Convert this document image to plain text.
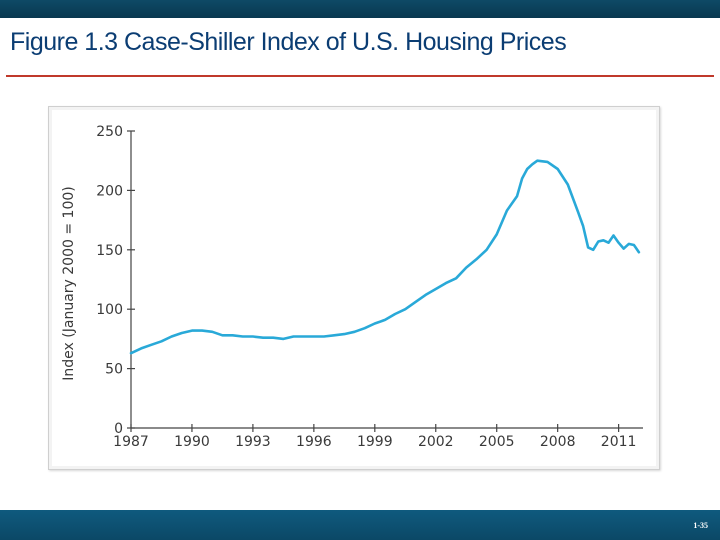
Figure 1.3 Case-Shiller Index of U.S. Housing Prices
0
50
100
150
200
250
1987 1990 1993 1996 1999 2002 2005 2008 2011
Index (January 2000 = 100)
1-35
